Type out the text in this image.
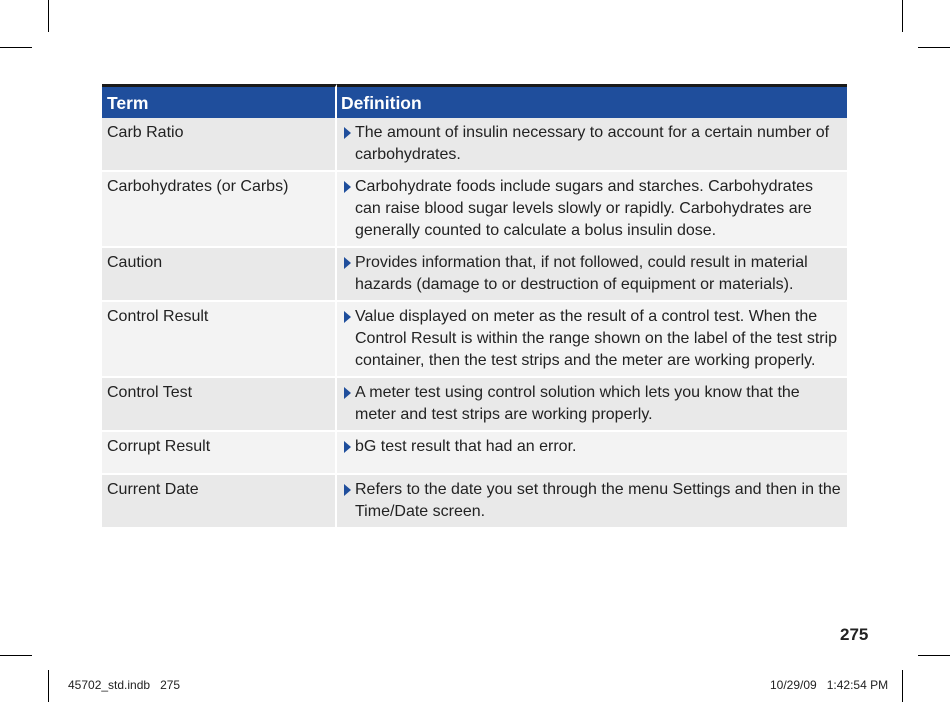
Term	Definition
Carb Ratio	The amount of insulin necessary to account for a certain number of carbohydrates.

Carbohydrates (or Carbs)	Carbohydrate foods include sugars and starches. Carbohydrates can raise blood sugar levels slowly or rapidly. Carbohydrates are generally counted to calculate a bolus insulin dose.

Caution	Provides information that, if not followed, could result in material hazards (damage to or destruction of equipment or materials).

Control Result	Value displayed on meter as the result of a control test. When the Control Result is within the range shown on the label of the test strip container, then the test strips and the meter are working properly.

Control Test	A meter test using control solution which lets you know that the meter and test strips are working properly.

Corrupt Result	bG test result that had an error.

Current Date	Refers to the date you set through the menu Settings and then in the Time/Date screen.
275
45702_std.indb   275	10/29/09   1:42:54 PM
